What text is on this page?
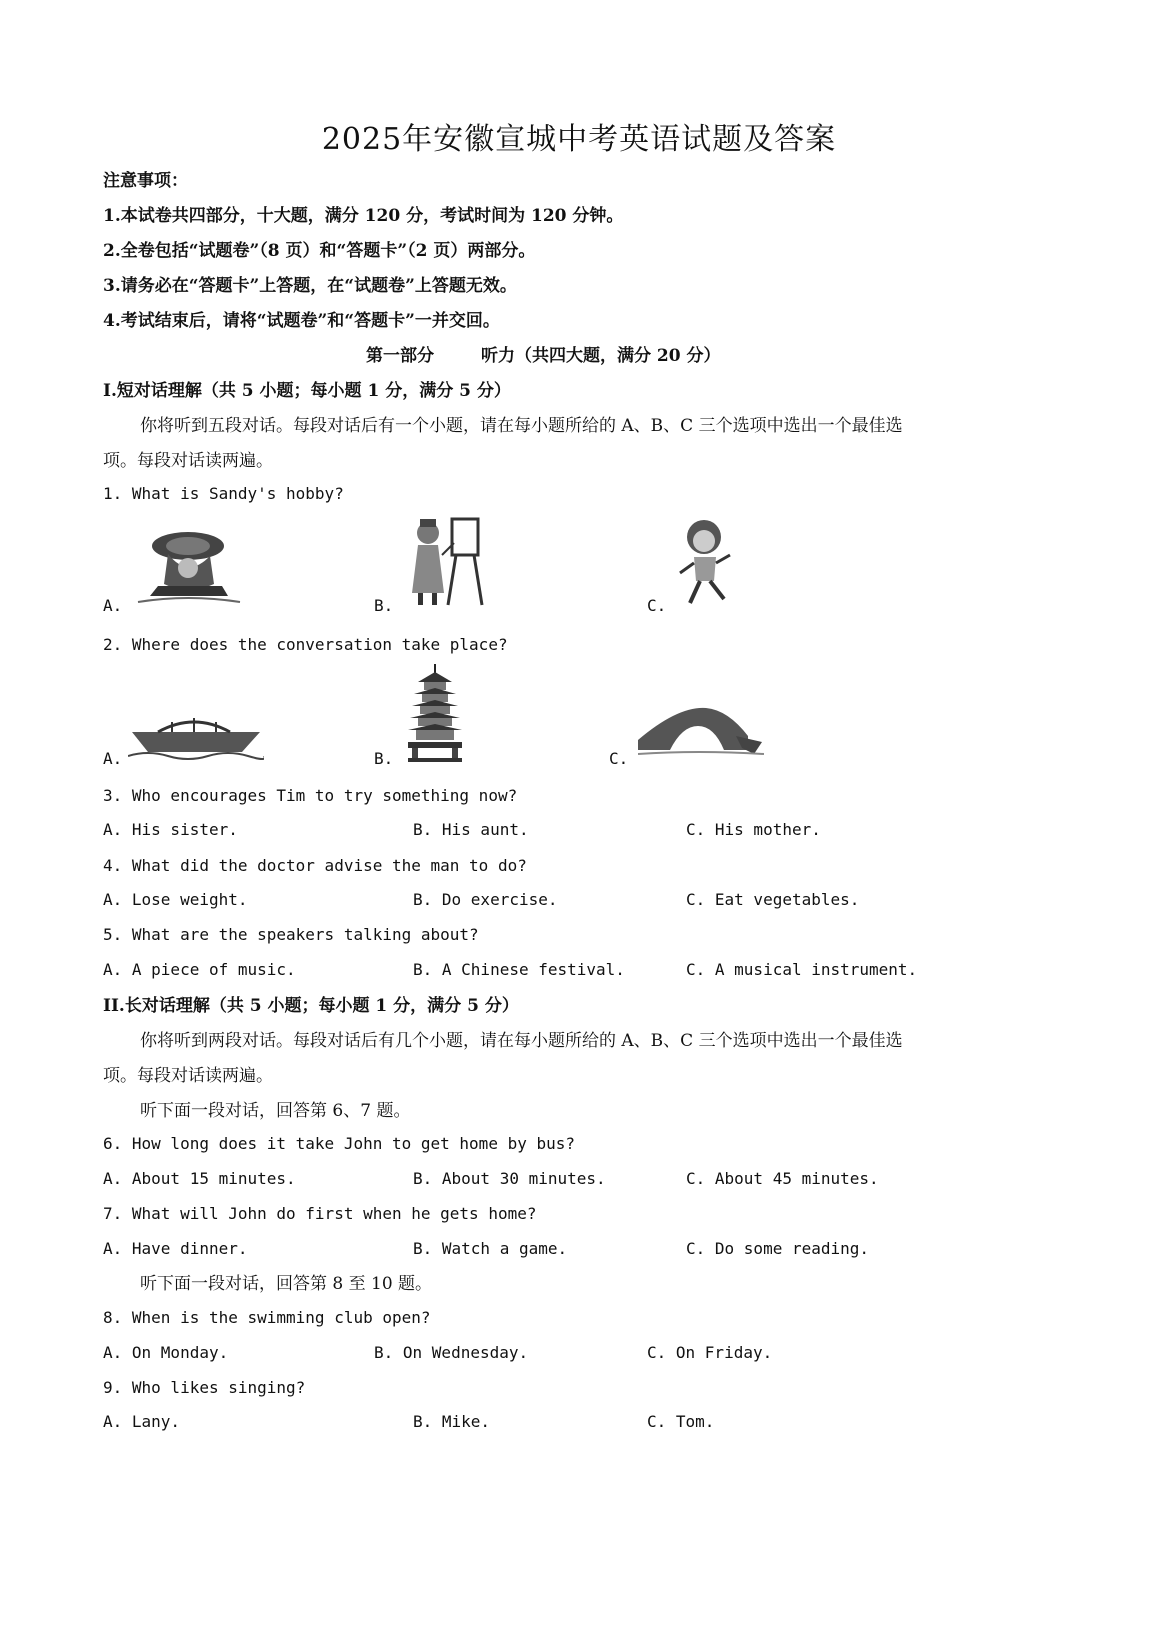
2025年安徽宣城中考英语试题及答案
注意事项：
1.本试卷共四部分，十大题，满分 120 分，考试时间为 120 分钟。
2.全卷包括“试题卷”（8 页）和“答题卡”（2 页）两部分。
3.请务必在“答题卡”上答题，在“试题卷”上答题无效。
4.考试结束后，请将“试题卷”和“答题卡”一并交回。
第一部分	听力（共四大题，满分 20 分）
I.短对话理解（共 5 小题；每小题 1 分，满分 5 分）
你将听到五段对话。每段对话后有一个小题，请在每小题所给的 A、B、C 三个选项中选出一个最佳选
项。每段对话读两遍。
1. What is Sandy's hobby?
A.	B.	C.
2. Where does the conversation take place?
A.	B.	C.
3. Who encourages Tim to try something now?
A. His sister.	B. His aunt.	C. His mother.
4. What did the doctor advise the man to do?
A. Lose weight.	B. Do exercise.	C. Eat vegetables.
5. What are the speakers talking about?
A. A piece of music.	B. A Chinese festival.	C. A musical instrument.
II.长对话理解（共 5 小题；每小题 1 分，满分 5 分）
你将听到两段对话。每段对话后有几个小题，请在每小题所给的 A、B、C 三个选项中选出一个最佳选
项。每段对话读两遍。
听下面一段对话，回答第 6、7 题。
6. How long does it take John to get home by bus?
A. About 15 minutes.	B. About 30 minutes.	C. About 45 minutes.
7. What will John do first when he gets home?
A. Have dinner.	B. Watch a game.	C. Do some reading.
听下面一段对话，回答第 8 至 10 题。
8. When is the swimming club open?
A. On Monday.	B. On Wednesday.	C. On Friday.
9. Who likes singing?
A. Lany.	B. Mike.	C. Tom.
